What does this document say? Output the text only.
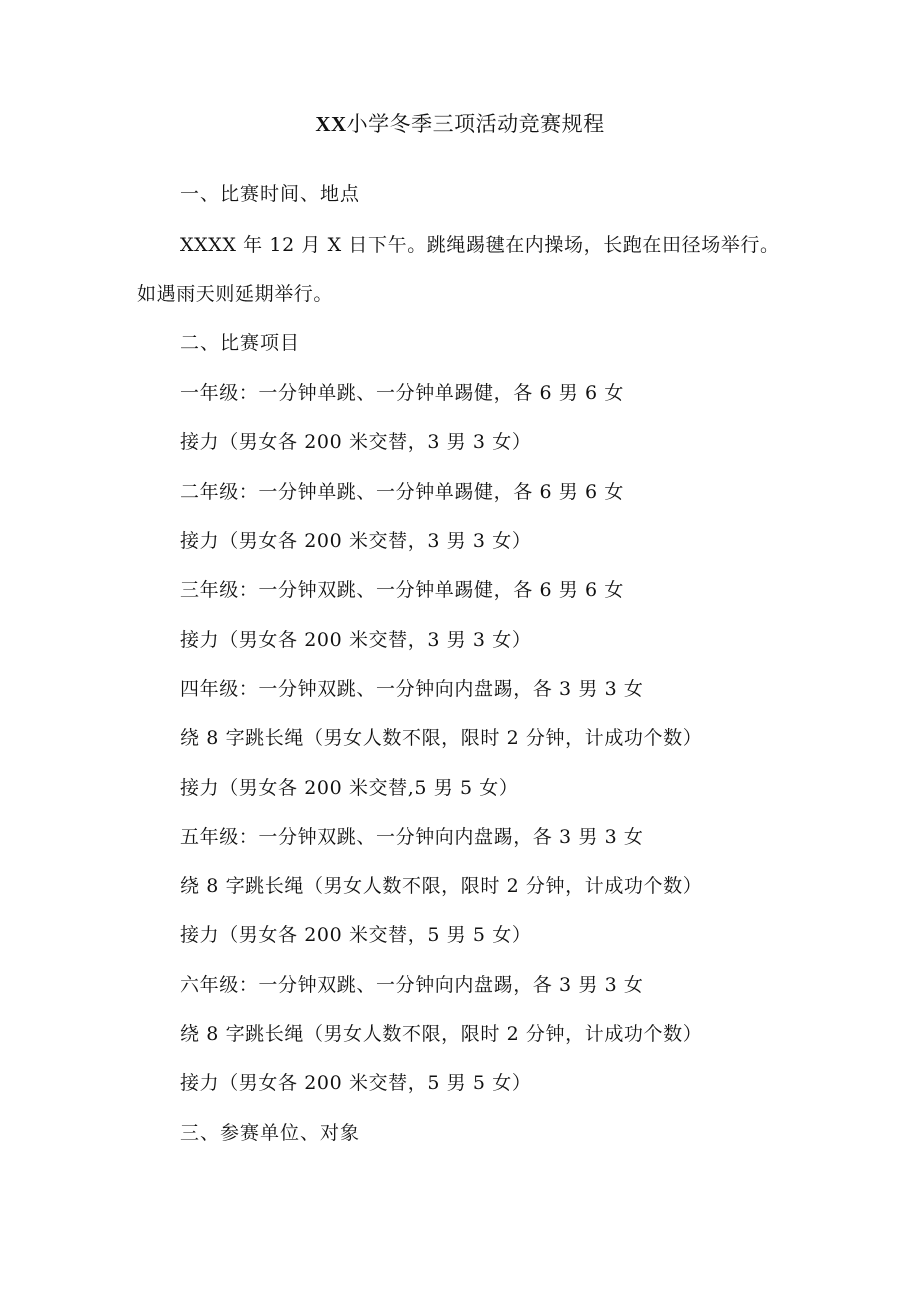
XX小学冬季三项活动竞赛规程
一、比赛时间、地点
XXXX 年 12 月 X 日下午。跳绳踢毽在内操场，长跑在田径场举行。
如遇雨天则延期举行。
二、比赛项目
一年级：一分钟单跳、一分钟单踢健，各 6 男 6 女
接力（男女各 200 米交替，3 男 3 女）
二年级：一分钟单跳、一分钟单踢健，各 6 男 6 女
接力（男女各 200 米交替，3 男 3 女）
三年级：一分钟双跳、一分钟单踢健，各 6 男 6 女
接力（男女各 200 米交替，3 男 3 女）
四年级：一分钟双跳、一分钟向内盘踢，各 3 男 3 女
绕 8 字跳长绳（男女人数不限，限时 2 分钟，计成功个数）
接力（男女各 200 米交替,5 男 5 女）
五年级：一分钟双跳、一分钟向内盘踢，各 3 男 3 女
绕 8 字跳长绳（男女人数不限，限时 2 分钟，计成功个数）
接力（男女各 200 米交替，5 男 5 女）
六年级：一分钟双跳、一分钟向内盘踢，各 3 男 3 女
绕 8 字跳长绳（男女人数不限，限时 2 分钟，计成功个数）
接力（男女各 200 米交替，5 男 5 女）
三、参赛单位、对象
